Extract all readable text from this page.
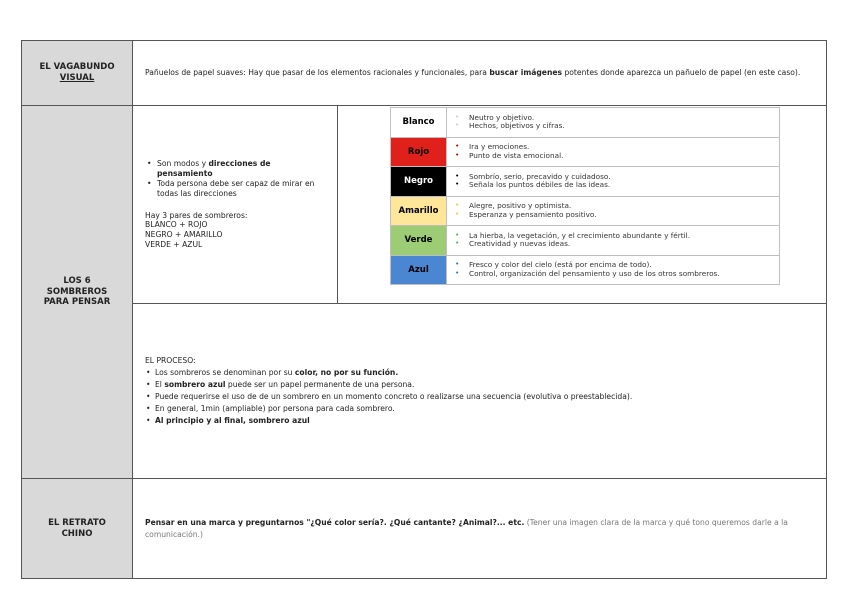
EL VAGABUNDO
VISUAL
	Pañuelos de papel suaves: Hay que pasar de los elementos racionales y funcionales, para buscar imágenes potentes donde aparezca un pañuelo de papel (en este caso).

LOS 6
SOMBREROS
PARA PENSAR

• Son modos y direcciones de pensamiento
• Toda persona debe ser capaz de mirar en todas las direcciones
Hay 3 pares de sombreros:
BLANCO + ROJO
NEGRO + AMARILLO
VERDE + AZUL
Blanco	
• Neutro y objetivo.
• Hechos, objetivos y cifras.

Rojo	
• Ira y emociones.
• Punto de vista emocional.

Negro	
• Sombrío, serio, precavido y cuidadoso.
• Señala los puntos débiles de las ideas.

Amarillo	
• Alegre, positivo y optimista.
• Esperanza y pensamiento positivo.

Verde	
• La hierba, la vegetación, y el crecimiento abundante y fértil.
• Creatividad y nuevas ideas.

Azul	
• Fresco y color del cielo (está por encima de todo).
• Control, organización del pensamiento y uso de los otros sombreros.

EL PROCESO:
• Los sombreros se denominan por su color, no por su función.
• El sombrero azul puede ser un papel permanente de una persona.
• Puede requerirse el uso de de un sombrero en un momento concreto o realizarse una secuencia (evolutiva o preestablecida).
• En general, 1min (ampliable) por persona para cada sombrero.
• Al principio y al final, sombrero azul

EL RETRATO
CHINO
	Pensar en una marca y preguntarnos "¿Qué color sería?. ¿Qué cantante? ¿Animal?... etc. (Tener una imagen clara de la marca y qué tono queremos darle a la comunicación.)
